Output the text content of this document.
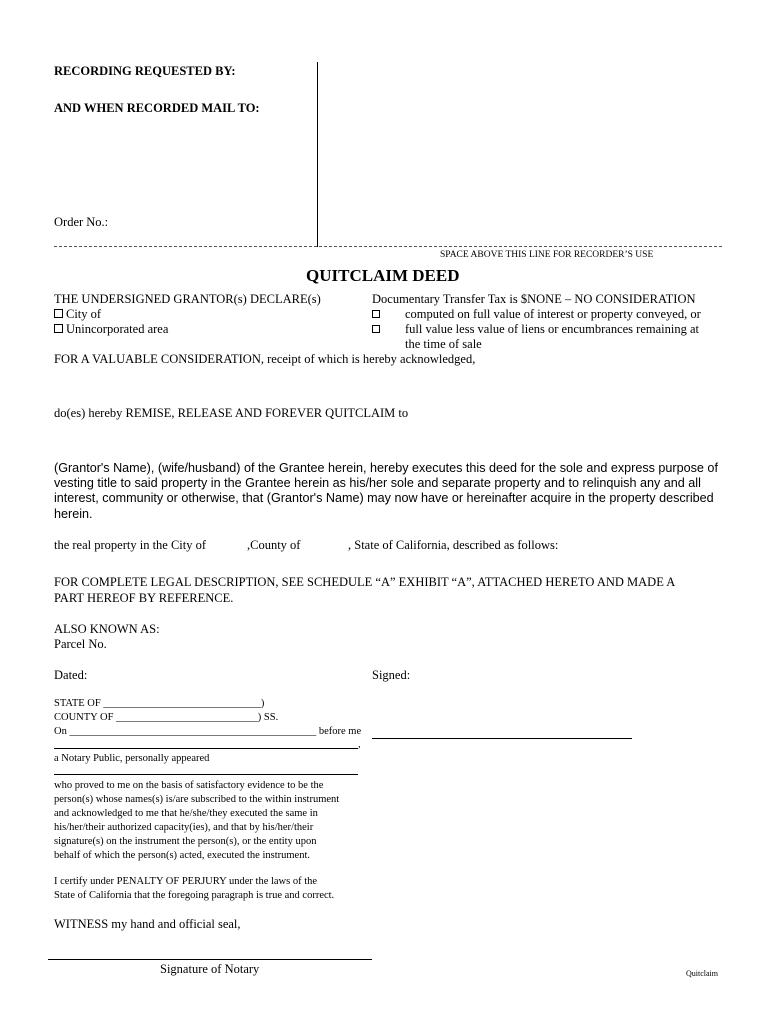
RECORDING REQUESTED BY:
AND WHEN RECORDED MAIL TO:
Order No.:
SPACE ABOVE THIS LINE FOR RECORDER’S USE
QUITCLAIM DEED
THE UNDERSIGNED GRANTOR(s) DECLARE(s)
City of
Unincorporated area
Documentary Transfer Tax is $NONE – NO CONSIDERATION
computed on full value of interest or property conveyed, or
full value less value of liens or encumbrances remaining at
the time of sale
FOR A VALUABLE CONSIDERATION, receipt of which is hereby acknowledged,
do(es) hereby REMISE, RELEASE AND FOREVER QUITCLAIM to
(Grantor's Name), (wife/husband) of the Grantee herein, hereby executes this deed for the sole and express purpose of
vesting title to said property in the Grantee herein as his/her sole and separate property and to relinquish any and all
interest, community or otherwise, that (Grantor's Name) may now have or hereinafter acquire in the property described
herein.
the real property in the City of	,County of	, State of California, described as follows:
FOR COMPLETE LEGAL DESCRIPTION, SEE SCHEDULE “A” EXHIBIT “A”, ATTACHED HERETO AND MADE A
PART HEREOF BY REFERENCE.
ALSO KNOWN AS:
Parcel No.
Dated:	Signed:
STATE OF ______________________________)
COUNTY OF ___________________________) SS.
On _______________________________________________ before me
,
a Notary Public, personally appeared
who proved to me on the basis of satisfactory evidence to be the
person(s) whose names(s) is/are subscribed to the within instrument
and acknowledged to me that he/she/they executed the same in
his/her/their authorized capacity(ies), and that by his/her/their
signature(s) on the instrument the person(s), or the entity upon
behalf of which the person(s) acted, executed the instrument.
I certify under PENALTY OF PERJURY under the laws of the
State of California that the foregoing paragraph is true and correct.
WITNESS my hand and official seal,
Signature of Notary	Quitclaim
